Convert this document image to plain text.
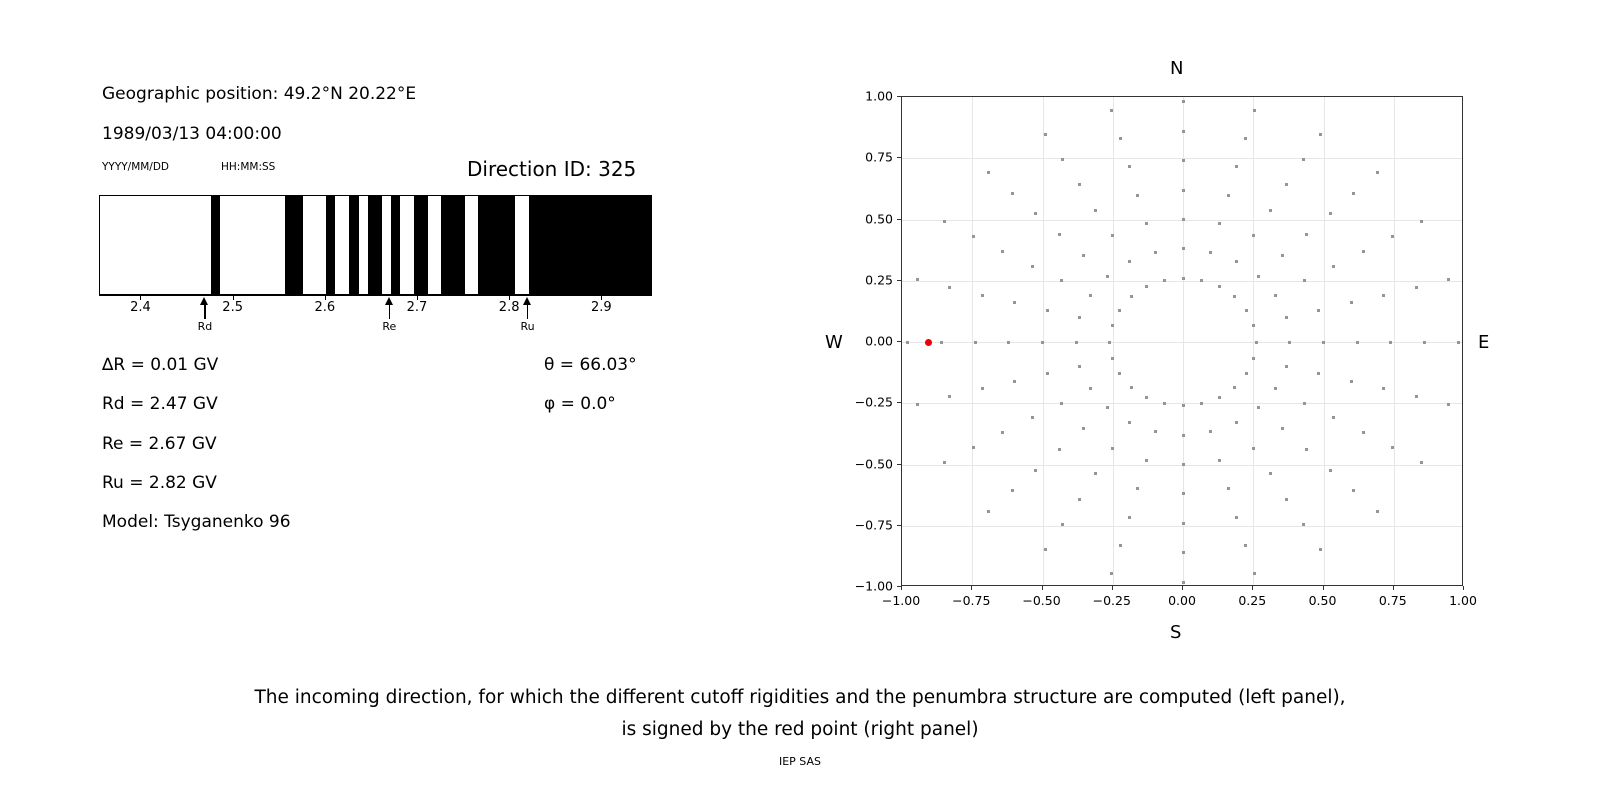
Geographic position: 49.2°N 20.22°E
1989/03/13 04:00:00
YYYY/MM/DD	HH:MM:SS	Direction ID: 325
2.4	2.5	2.6	2.7	2.8	2.9
Rd	Re	Ru
∆R = 0.01 GV
Rd = 2.47 GV
Re = 2.67 GV
Ru = 2.82 GV
Model: Tsyganenko 96
θ = 66.03°
φ = 0.0°
N
S
W	E
−1.00	−0.75	−0.50	−0.25	0.00	0.25	0.50	0.75	1.00
−1.00
−0.75
−0.50
−0.25
0.00
0.25
0.50
0.75
1.00
The incoming direction, for which the different cutoff rigidities and the penumbra structure are computed (left panel),
is signed by the red point (right panel)
IEP SAS
